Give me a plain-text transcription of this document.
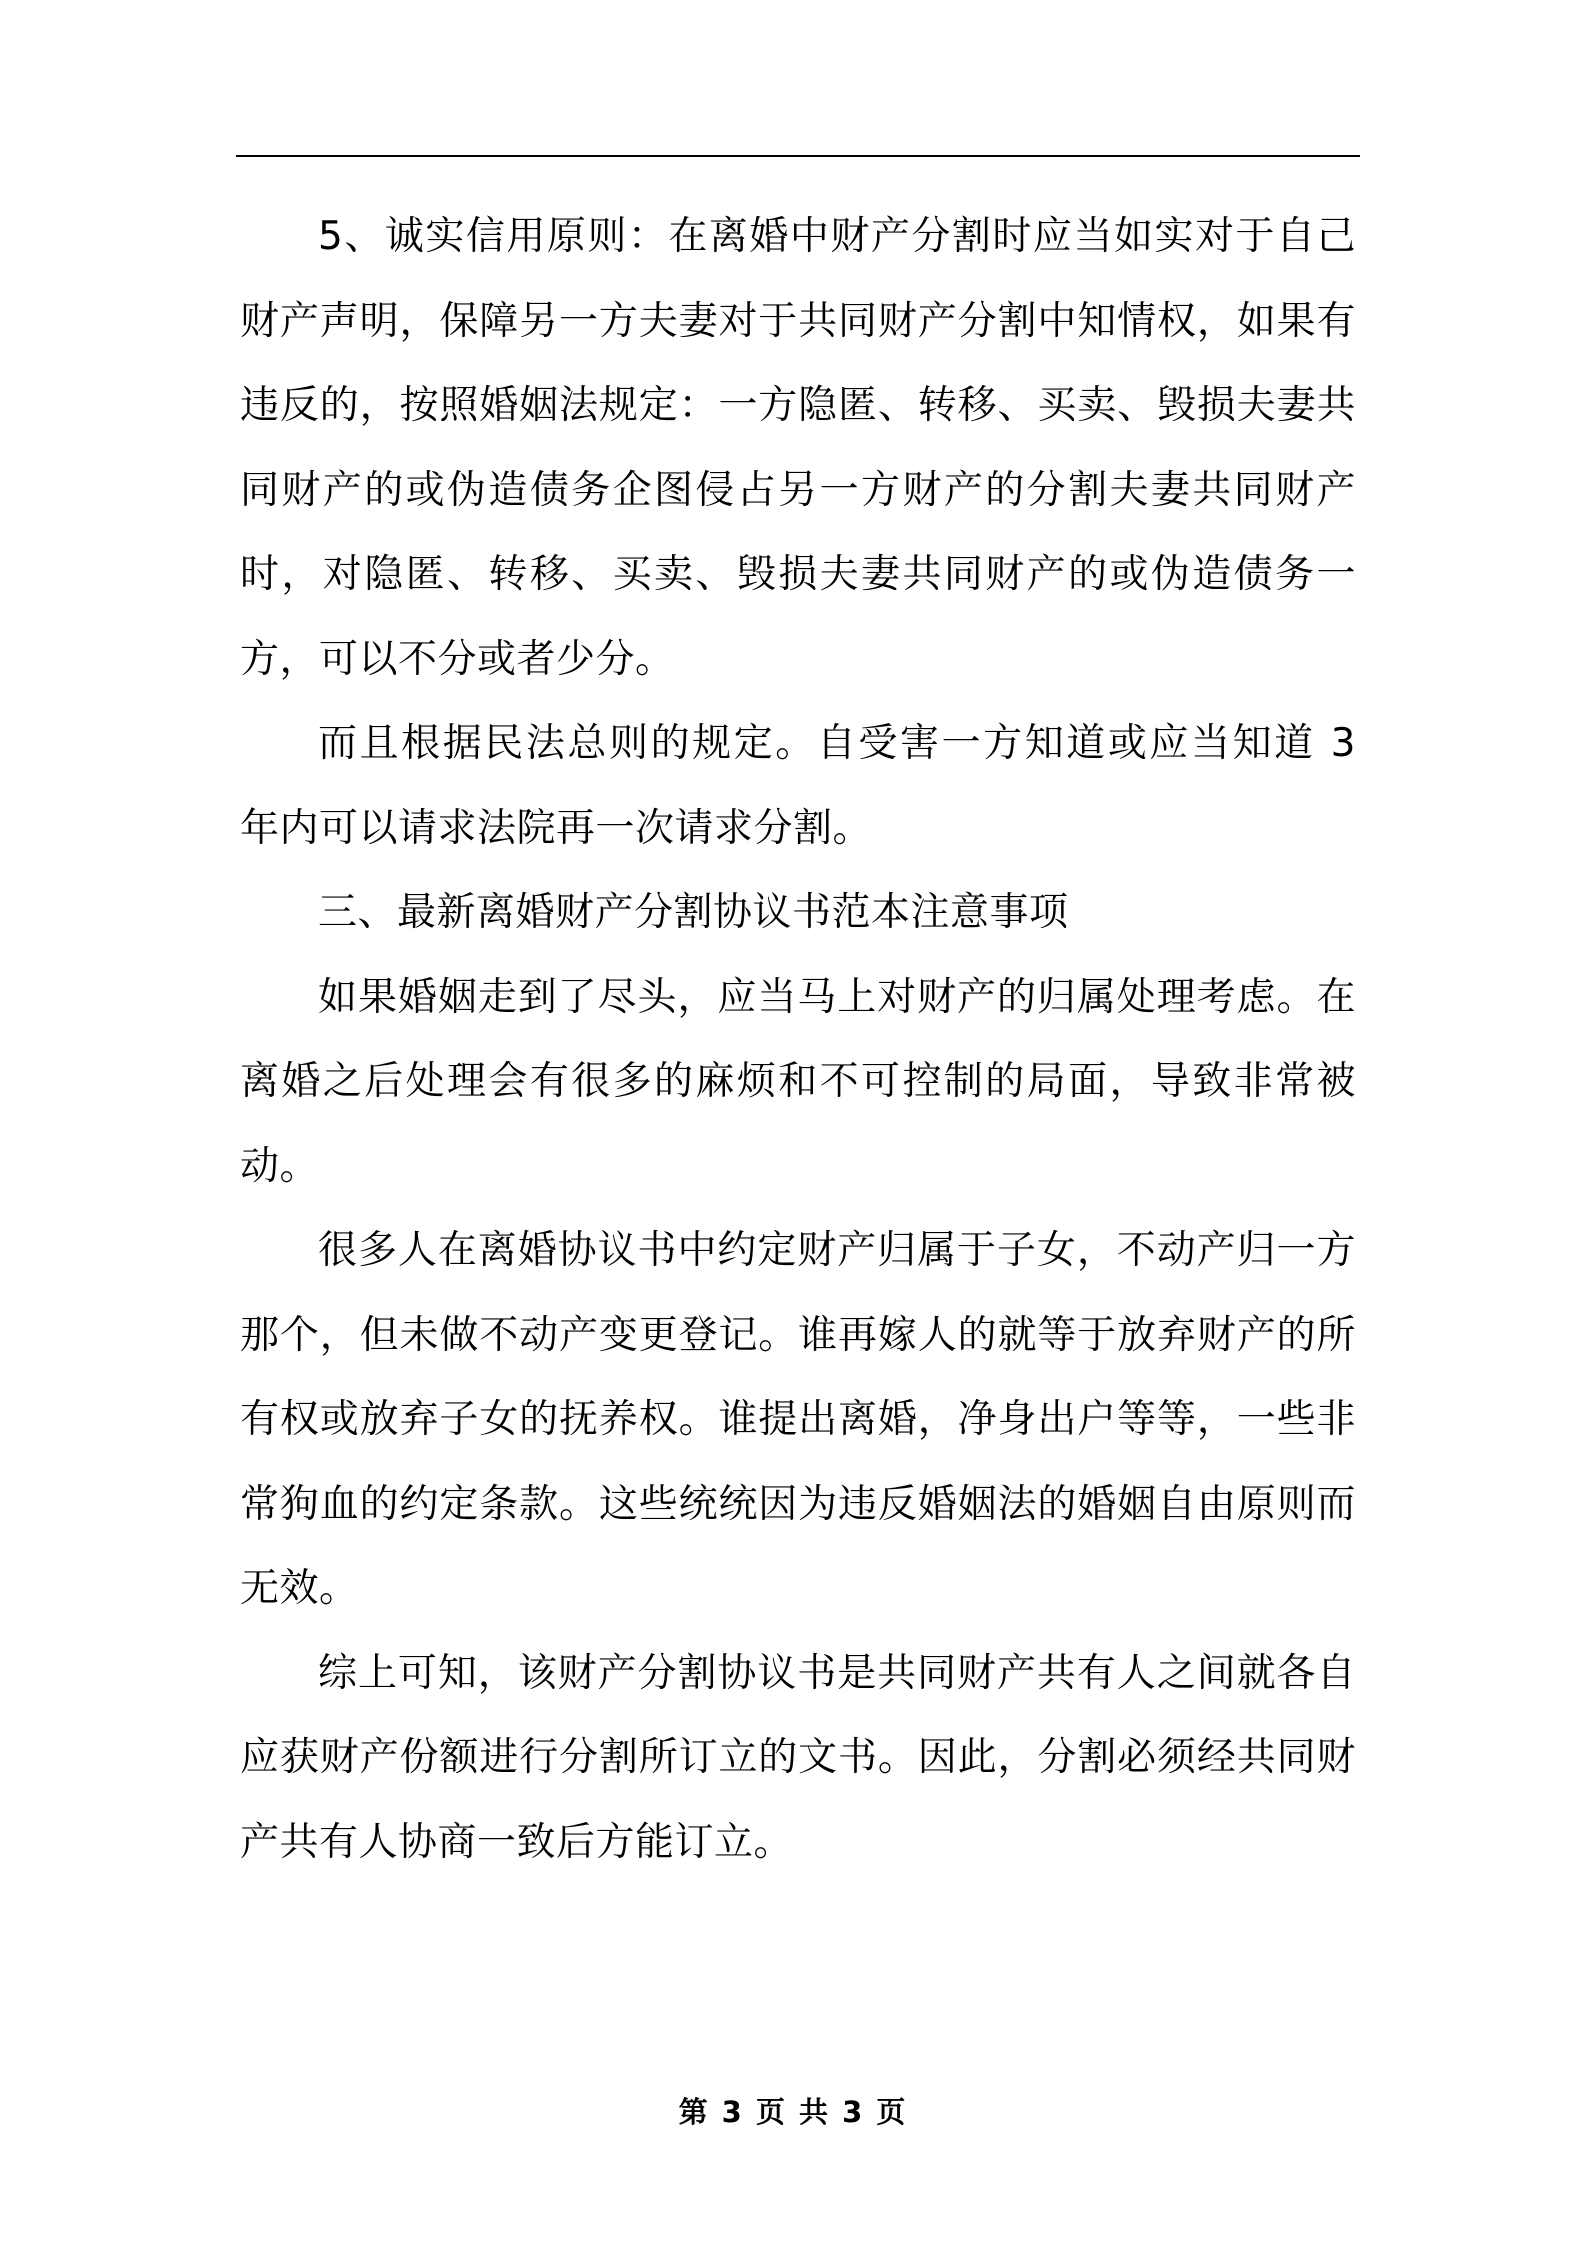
5、诚实信用原则：在离婚中财产分割时应当如实对于自己财产声明，保障另一方夫妻对于共同财产分割中知情权，如果有违反的，按照婚姻法规定：一方隐匿、转移、买卖、毁损夫妻共同财产的或伪造债务企图侵占另一方财产的分割夫妻共同财产时，对隐匿、转移、买卖、毁损夫妻共同财产的或伪造债务一方，可以不分或者少分。

而且根据民法总则的规定。自受害一方知道或应当知道 3 年内可以请求法院再一次请求分割。

三、最新离婚财产分割协议书范本注意事项

如果婚姻走到了尽头，应当马上对财产的归属处理考虑。在离婚之后处理会有很多的麻烦和不可控制的局面，导致非常被动。

很多人在离婚协议书中约定财产归属于子女，不动产归一方那个，但未做不动产变更登记。谁再嫁人的就等于放弃财产的所有权或放弃子女的抚养权。谁提出离婚，净身出户等等，一些非常狗血的约定条款。这些统统因为违反婚姻法的婚姻自由原则而无效。

综上可知，该财产分割协议书是共同财产共有人之间就各自应获财产份额进行分割所订立的文书。因此，分割必须经共同财产共有人协商一致后方能订立。

第 3 页 共 3 页
